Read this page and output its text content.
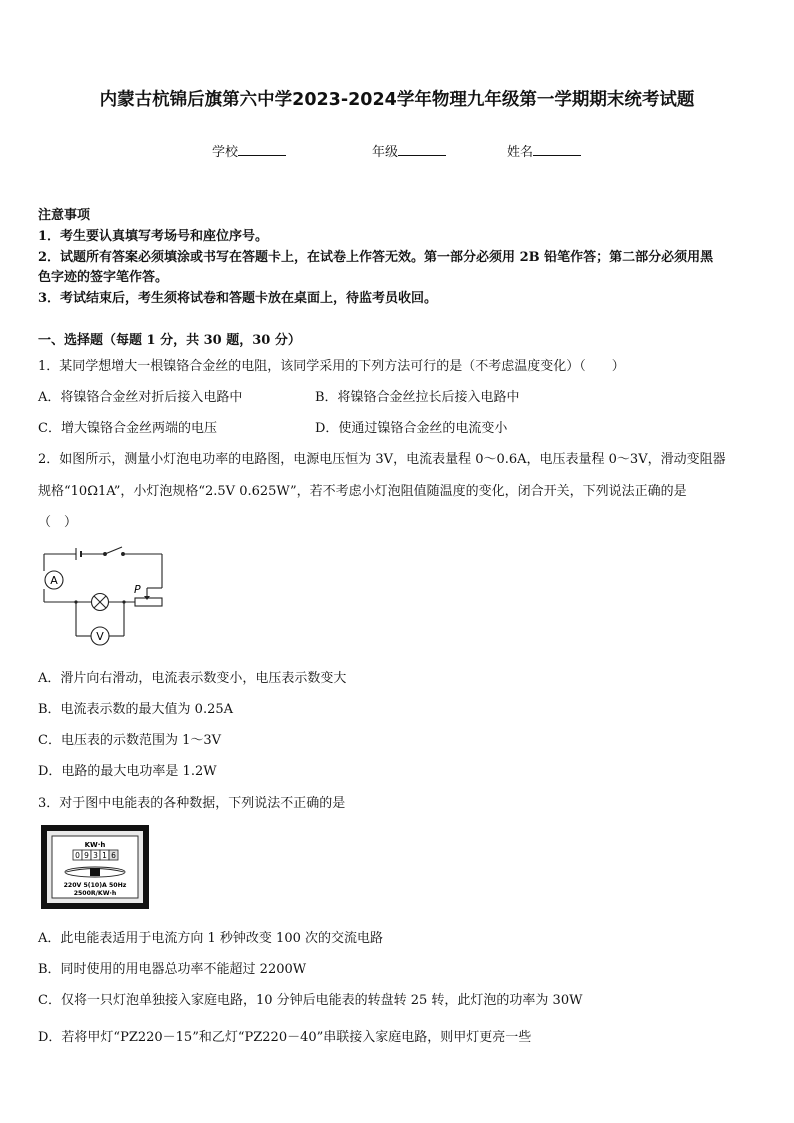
内蒙古杭锦后旗第六中学2023-2024学年物理九年级第一学期期末统考试题
学校	年级	姓名
注意事项
1．考生要认真填写考场号和座位序号。
2．试题所有答案必须填涂或书写在答题卡上，在试卷上作答无效。第一部分必须用 2B 铅笔作答；第二部分必须用黑
色字迹的签字笔作答。
3．考试结束后，考生须将试卷和答题卡放在桌面上，待监考员收回。
一、选择题（每题 1 分，共 30 题，30 分）
1．某同学想增大一根镍铬合金丝的电阻，该同学采用的下列方法可行的是（不考虑温度变化）（　　）
A．将镍铬合金丝对折后接入电路中	B．将镍铬合金丝拉长后接入电路中
C．增大镍铬合金丝两端的电压	D．使通过镍铬合金丝的电流变小
2．如图所示，测量小灯泡电功率的电路图，电源电压恒为 3V，电流表量程 0～0.6A，电压表量程 0～3V，滑动变阻器
规格“10Ω1A”，小灯泡规格“2.5V 0.625W”，若不考虑小灯泡阻值随温度的变化，闭合开关，下列说法正确的是
（　）
A
V
P
A．滑片向右滑动，电流表示数变小，电压表示数变大
B．电流表示数的最大值为 0.25A
C．电压表的示数范围为 1～3V
D．电路的最大电功率是 1.2W
3．对于图中电能表的各种数据，下列说法不正确的是
KW·h
0 9 3 1 6
220V 5(10)A 50Hz
2500R/KW·h
A．此电能表适用于电流方向 1 秒钟改变 100 次的交流电路
B．同时使用的用电器总功率不能超过 2200W
C．仅将一只灯泡单独接入家庭电路，10 分钟后电能表的转盘转 25 转，此灯泡的功率为 30W
D．若将甲灯“PZ220－15”和乙灯“PZ220－40”串联接入家庭电路，则甲灯更亮一些
